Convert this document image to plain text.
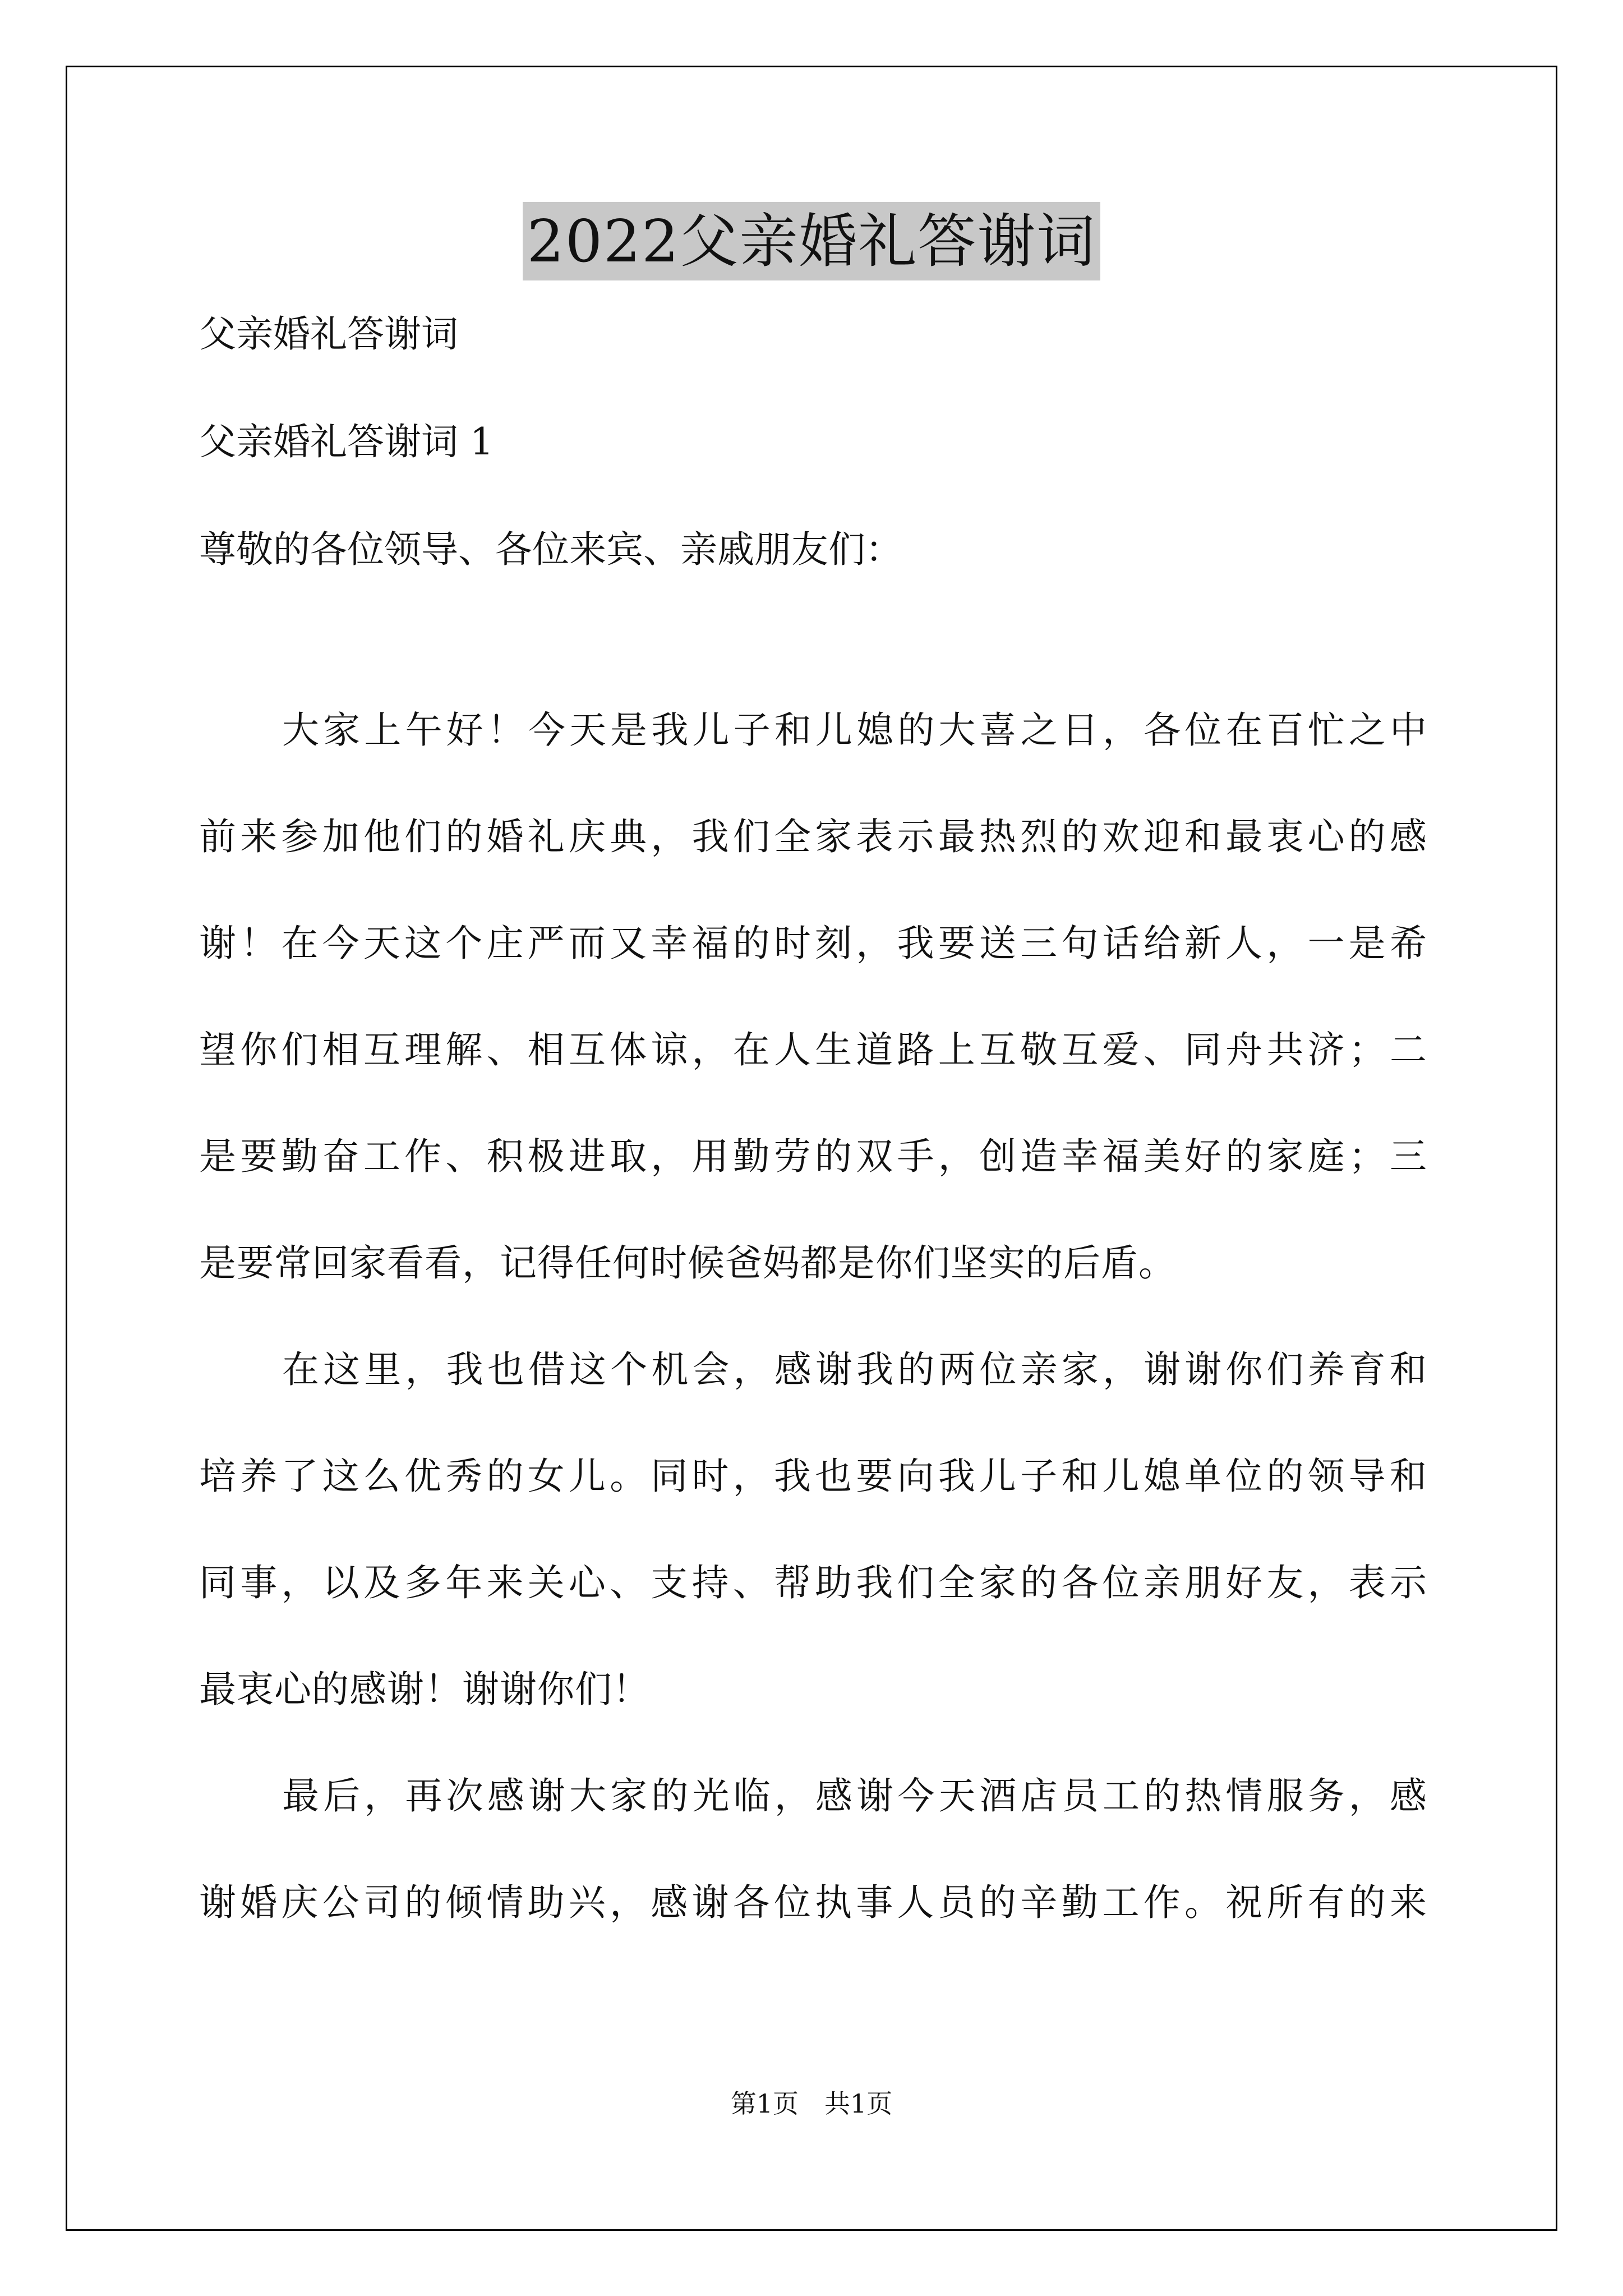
2022父亲婚礼答谢词
父亲婚礼答谢词
父亲婚礼答谢词 1
尊敬的各位领导、各位来宾、亲戚朋友们：
大家上午好！今天是我儿子和儿媳的大喜之日，各位在百忙之中
前来参加他们的婚礼庆典，我们全家表示最热烈的欢迎和最衷心的感
谢！在今天这个庄严而又幸福的时刻，我要送三句话给新人，一是希
望你们相互理解、相互体谅，在人生道路上互敬互爱、同舟共济；二
是要勤奋工作、积极进取，用勤劳的双手，创造幸福美好的家庭；三
是要常回家看看，记得任何时候爸妈都是你们坚实的后盾。
在这里，我也借这个机会，感谢我的两位亲家，谢谢你们养育和
培养了这么优秀的女儿。同时，我也要向我儿子和儿媳单位的领导和
同事，以及多年来关心、支持、帮助我们全家的各位亲朋好友，表示
最衷心的感谢！谢谢你们！
最后，再次感谢大家的光临，感谢今天酒店员工的热情服务，感
谢婚庆公司的倾情助兴，感谢各位执事人员的辛勤工作。祝所有的来
第1页　共1页
